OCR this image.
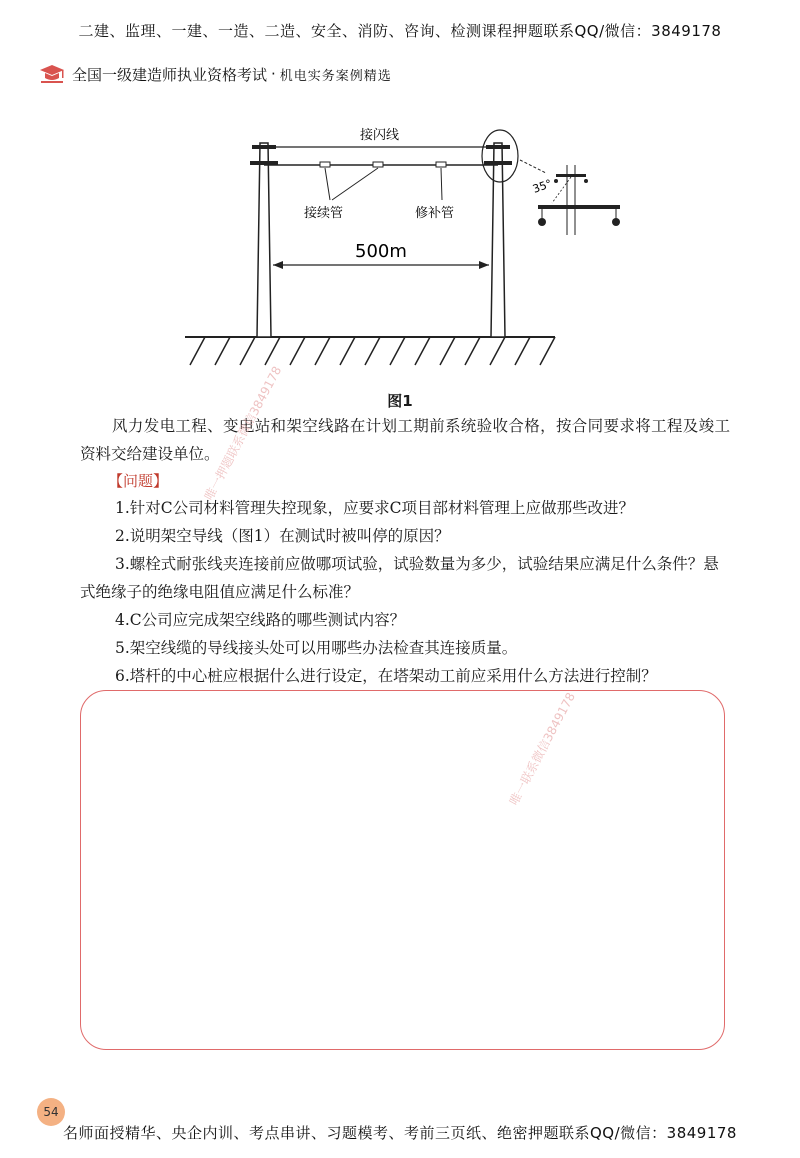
二建、监理、一建、一造、二造、安全、消防、咨询、检测课程押题联系QQ/微信：3849178
全国一级建造师执业资格考试 · 机电实务案例精选
接闪线
接续管	修补管
500m
35°
图1
风力发电工程、变电站和架空线路在计划工期前系统验收合格，按合同要求将工程及竣工资料交给建设单位。
【问题】
1.针对C公司材料管理失控现象，应要求C项目部材料管理上应做那些改进？
2.说明架空导线（图1）在测试时被叫停的原因？
3.螺栓式耐张线夹连接前应做哪项试验，试验数量为多少，试验结果应满足什么条件？悬式绝缘子的绝缘电阻值应满足什么标准？
4.C公司应完成架空线路的哪些测试内容？
5.架空线缆的导线接头处可以用哪些办法检查其连接质量。
6.塔杆的中心桩应根据什么进行设定，在塔架动工前应采用什么方法进行控制？
唯一押题联系微信3849178
唯一联系微信3849178
54
名师面授精华、央企内训、考点串讲、习题模考、考前三页纸、绝密押题联系QQ/微信：3849178
